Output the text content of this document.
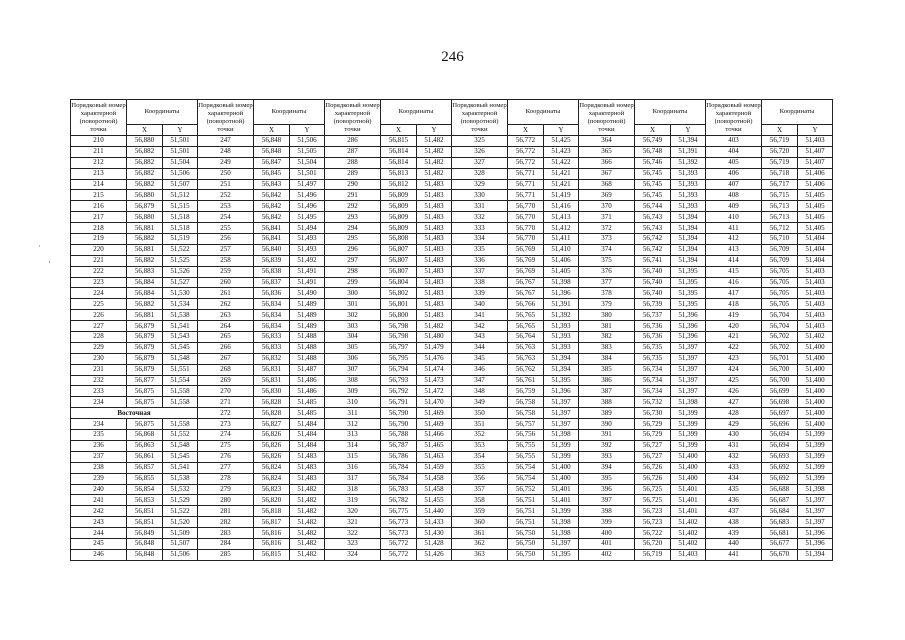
246
ʿ
·
Порядковый номер характерной (поворотной) точки	Координаты		Порядковый номер характерной (поворотной) точки	Координаты		Порядковый номер характерной (поворотной) точки	Координаты		Порядковый номер характерной (поворотной) точки	Координаты		Порядковый номер характерной (поворотной) точки	Координаты		Порядковый номер характерной (поворотной) точки	Координаты	
	X	Y		X	Y		X	Y		X	Y		X	Y		X	Y
210	56,880	51,501	247	56,848	51,506	286	56,815	51,482	325	56,772	51,425	364	56,749	51,394	403	56,719	51,403
211	56,882	51,501	248	56,848	51,505	287	56,814	51,482	326	56,772	51,423	365	56,748	51,391	404	56,720	51,407
212	56,882	51,504	249	56,847	51,504	288	56,814	51,482	327	56,772	51,422	366	56,746	51,392	405	56,719	51,407
213	56,882	51,506	250	56,845	51,501	289	56,813	51,482	328	56,771	51,421	367	56,745	51,393	406	56,718	51,406
214	56,882	51,507	251	56,843	51,497	290	56,812	51,483	329	56,771	51,421	368	56,745	51,393	407	56,717	51,406
215	56,880	51,512	252	56,842	51,496	291	56,809	51,483	330	56,771	51,419	369	56,745	51,393	408	56,715	51,405
216	56,879	51,515	253	56,842	51,496	292	56,809	51,483	331	56,770	51,416	370	56,744	51,393	409	56,713	51,405
217	56,880	51,518	254	56,842	51,495	293	56,809	51,483	332	56,770	51,413	371	56,743	51,394	410	56,713	51,405
218	56,881	51,518	255	56,841	51,494	294	56,809	51,483	333	56,770	51,412	372	56,743	51,394	411	56,712	51,405
219	56,882	51,519	256	56,841	51,493	295	56,808	51,483	334	56,770	51,411	373	56,742	51,394	412	56,710	51,404
220	56,881	51,522	257	56,840	51,493	296	56,807	51,483	335	56,769	51,410	374	56,742	51,394	413	56,709	51,404
221	56,882	51,525	258	56,839	51,492	297	56,807	51,483	336	56,769	51,406	375	56,741	51,394	414	56,709	51,404
222	56,883	51,526	259	56,838	51,491	298	56,807	51,483	337	56,769	51,405	376	56,740	51,395	415	56,705	51,403
223	56,884	51,527	260	56,837	51,491	299	56,804	51,483	338	56,767	51,398	377	56,740	51,395	416	56,705	51,403
224	56,884	51,530	261	56,836	51,490	300	56,802	51,483	339	56,767	51,396	378	56,740	51,395	417	56,705	51,403
225	56,882	51,534	262	56,834	51,489	301	56,801	51,483	340	56,766	51,391	379	56,739	51,395	418	56,705	51,403
226	56,881	51,538	263	56,834	51,489	302	56,800	51,483	341	56,765	51,392	380	56,737	51,396	419	56,704	51,403
227	56,879	51,541	264	56,834	51,489	303	56,798	51,482	342	56,765	51,393	381	56,736	51,396	420	56,704	51,403
228	56,879	51,543	265	56,833	51,488	304	56,798	51,480	343	56,764	51,393	382	56,736	51,396	421	56,702	51,402
229	56,879	51,545	266	56,833	51,488	305	56,797	51,479	344	56,763	51,393	383	56,735	51,397	422	56,702	51,400
230	56,879	51,548	267	56,832	51,488	306	56,795	51,476	345	56,763	51,394	384	56,735	51,397	423	56,701	51,400
231	56,879	51,551	268	56,831	51,487	307	56,794	51,474	346	56,762	51,394	385	56,734	51,397	424	56,700	51,400
232	56,877	51,554	269	56,831	51,486	308	56,793	51,473	347	56,761	51,395	386	56,734	51,397	425	56,700	51,400
233	56,875	51,558	270	56,830	51,486	309	56,792	51,472	348	56,759	51,396	387	56,734	51,397	426	56,699	51,400
234	56,875	51,558	271	56,828	51,485	310	56,791	51,470	349	56,758	51,397	388	56,732	51,398	427	56,698	51,400
Восточная			272	56,828	51,485	311	56,790	51,469	350	56,758	51,397	389	56,730	51,399	428	56,697	51,400
234	56,875	51,558	273	56,827	51,484	312	56,790	51,469	351	56,757	51,397	390	56,729	51,399	429	56,696	51,400
235	56,868	51,552	274	56,826	51,484	313	56,788	51,466	352	56,756	51,398	391	56,729	51,399	430	56,694	51,399
236	56,863	51,548	275	56,826	51,484	314	56,787	51,465	353	56,755	51,399	392	56,727	51,399	431	56,694	51,399
237	56,861	51,545	276	56,826	51,483	315	56,786	51,463	354	56,755	51,399	393	56,727	51,400	432	56,693	51,399
238	56,857	51,541	277	56,824	51,483	316	56,784	51,459	355	56,754	51,400	394	56,726	51,400	433	56,692	51,399
239	56,855	51,538	278	56,824	51,483	317	56,784	51,458	356	56,754	51,400	395	56,726	51,400	434	56,692	51,399
240	56,854	51,532	279	56,823	51,482	318	56,783	51,458	357	56,752	51,401	396	56,725	51,401	435	56,688	51,398
241	56,853	51,529	280	56,820	51,482	319	56,782	51,455	358	56,751	51,401	397	56,725	51,401	436	56,687	51,397
242	56,851	51,522	281	56,818	51,482	320	56,775	51,440	359	56,751	51,399	398	56,723	51,401	437	56,684	51,397
243	56,851	51,520	282	56,817	51,482	321	56,773	51,433	360	56,751	51,398	399	56,723	51,402	438	56,683	51,397
244	56,849	51,509	283	56,816	51,482	322	56,773	51,430	361	56,750	51,398	400	56,722	51,402	439	56,681	51,396
245	56,848	51,507	284	56,816	51,482	323	56,772	51,428	362	56,750	51,397	401	56,720	51,402	440	56,677	51,396
246	56,848	51,506	285	56,815	51,482	324	56,772	51,426	363	56,750	51,395	402	56,719	51,403	441	56,670	51,394
